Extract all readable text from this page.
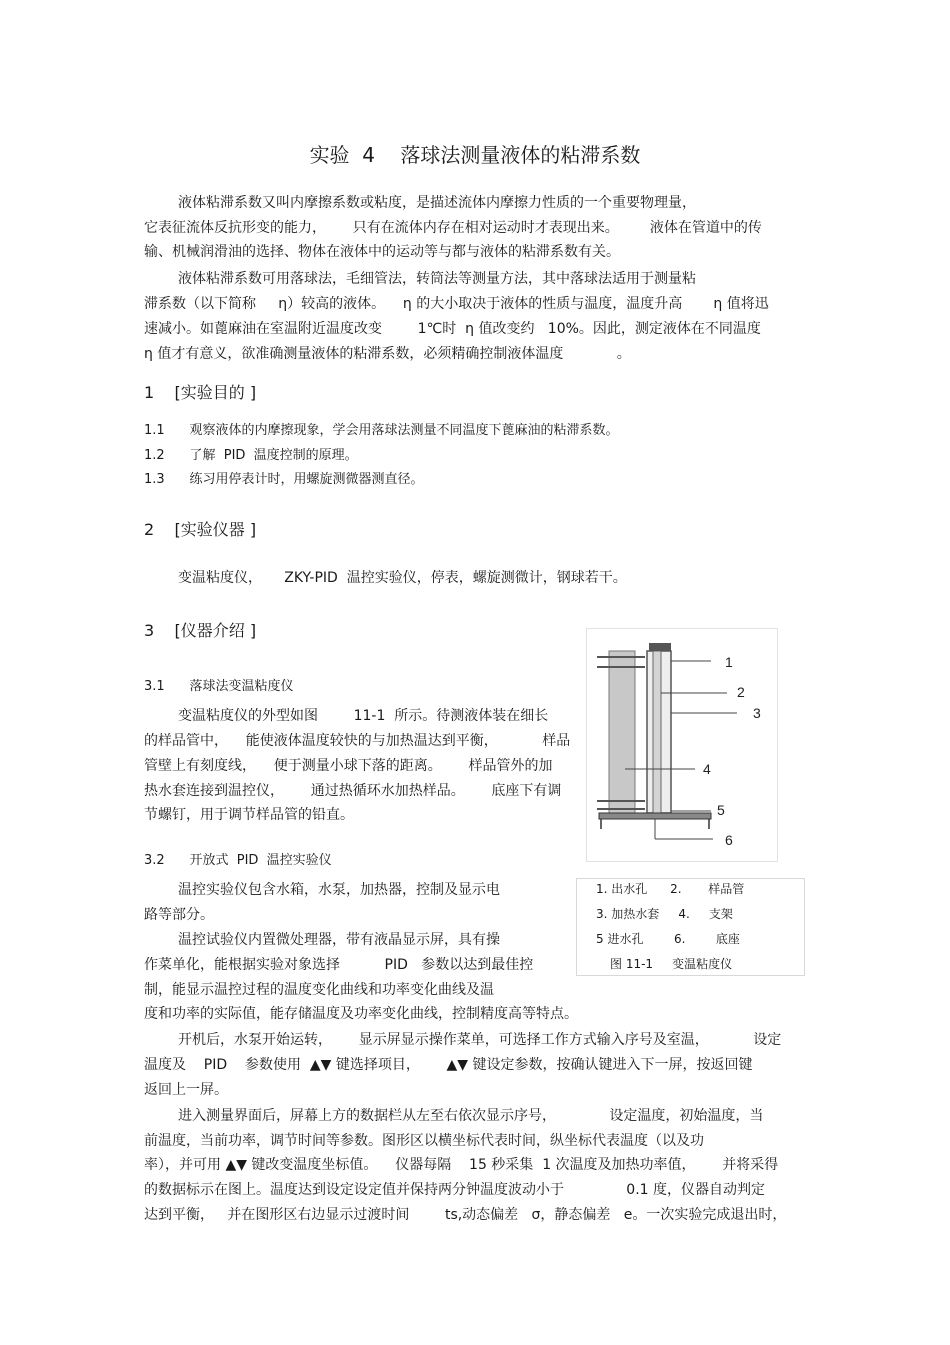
实验  4    落球法测量液体的粘滞系数
液体粘滞系数又叫内摩擦系数或粘度，是描述流体内摩擦力性质的一个重要物理量，
它表征流体反抗形变的能力，      只有在流体内存在相对运动时才表现出来。       液体在管道中的传
输、机械润滑油的选择、物体在液体中的运动等与都与液体的粘滞系数有关。
液体粘滞系数可用落球法，毛细管法，转筒法等测量方法，其中落球法适用于测量粘
滞系数（以下简称     η）较高的液体。    η 的大小取决于液体的性质与温度，温度升高       η 值将迅
速减小。如蓖麻油在室温附近温度改变        1℃时  η 值改变约   10%。因此，测定液体在不同温度
η 值才有意义，欲准确测量液体的粘滞系数，必须精确控制液体温度            。
1    [实验目的 ]
1.1      观察液体的内摩擦现象，学会用落球法测量不同温度下蓖麻油的粘滞系数。
1.2      了解  PID  温度控制的原理。
1.3      练习用停表计时，用螺旋测微器测直径。
2    [实验仪器 ]
变温粘度仪，     ZKY-PID  温控实验仪，停表，螺旋测微计，钢球若干。
3    [仪器介绍 ]
3.1      落球法变温粘度仪
变温粘度仪的外型如图        11-1  所示。待测液体装在细长
的样品管中，    能使液体温度较快的与加热温达到平衡，          样品
管壁上有刻度线，    便于测量小球下落的距离。      样品管外的加
热水套连接到温控仪，      通过热循环水加热样品。      底座下有调
节螺钉，用于调节样品管的铅直。
3.2      开放式  PID  温控实验仪
温控实验仪包含水箱，水泵，加热器，控制及显示电
路等部分。
温控试验仪内置微处理器，带有液晶显示屏，具有操
作菜单化，能根据实验对象选择          PID   参数以达到最佳控
制，能显示温控过程的温度变化曲线和功率变化曲线及温
度和功率的实际值，能存储温度及功率变化曲线，控制精度高等特点。
开机后，水泵开始运转，      显示屏显示操作菜单，可选择工作方式输入序号及室温，          设定
温度及    PID    参数使用  ▲▼ 键选择项目，      ▲▼ 键设定参数，按确认键进入下一屏，按返回键
返回上一屏。
进入测量界面后，屏幕上方的数据栏从左至右依次显示序号，            设定温度，初始温度，当
前温度，当前功率，调节时间等参数。图形区以横坐标代表时间，纵坐标代表温度（以及功
率），并可用 ▲▼ 键改变温度坐标值。    仪器每隔    15 秒采集  1 次温度及加热功率值，      并将采得
的数据标示在图上。温度达到设定设定值并保持两分钟温度波动小于              0.1 度，仪器自动判定
达到平衡，   并在图形区右边显示过渡时间        ts,动态偏差   σ，静态偏差   e。一次实验完成退出时，
1
2
3
4
5
6
1. 出水孔      2.       样品管
3. 加热水套     4.     支架
5 进水孔        6.        底座
图 11-1     变温粘度仪
